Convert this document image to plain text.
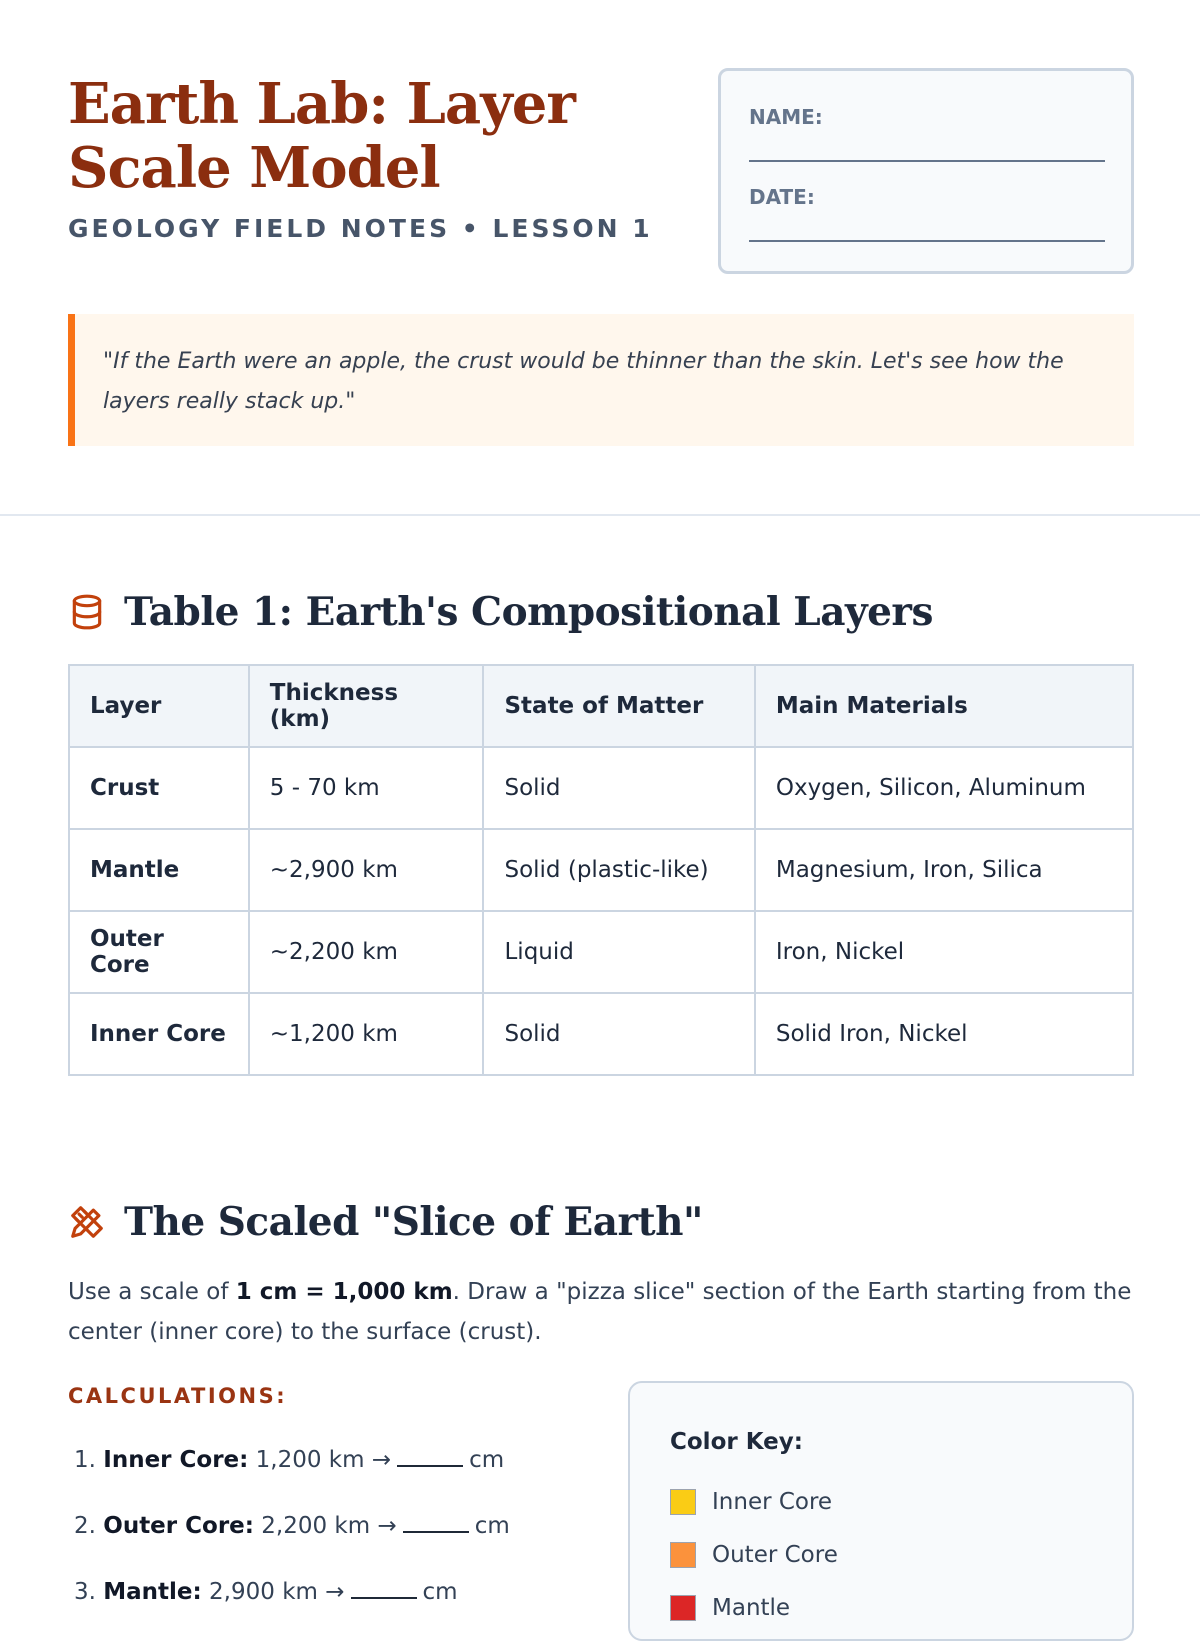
Earth Lab: Layer Scale Model
GEOLOGY FIELD NOTES • LESSON 1
NAME:
DATE:

"If the Earth were an apple, the crust would be thinner than the skin. Let's see how the layers really stack up."

Table 1: Earth's Compositional Layers
Layer	Thickness (km)	State of Matter	Main Materials
Crust	5 - 70 km	Solid	Oxygen, Silicon, Aluminum
Mantle	~2,900 km	Solid (plastic-like)	Magnesium, Iron, Silica
Outer Core	~2,200 km	Liquid	Iron, Nickel
Inner Core	~1,200 km	Solid	Solid Iron, Nickel
The Scaled "Slice of Earth"

Use a scale of 1 cm = 1,000 km. Draw a "pizza slice" section of the Earth starting from the center (inner core) to the surface (crust).

CALCULATIONS:
1. Inner Core: 1,200 km →	cm
2. Outer Core: 2,200 km →	cm
3. Mantle: 2,900 km →	cm
Color Key:
Inner Core
Outer Core
Mantle
